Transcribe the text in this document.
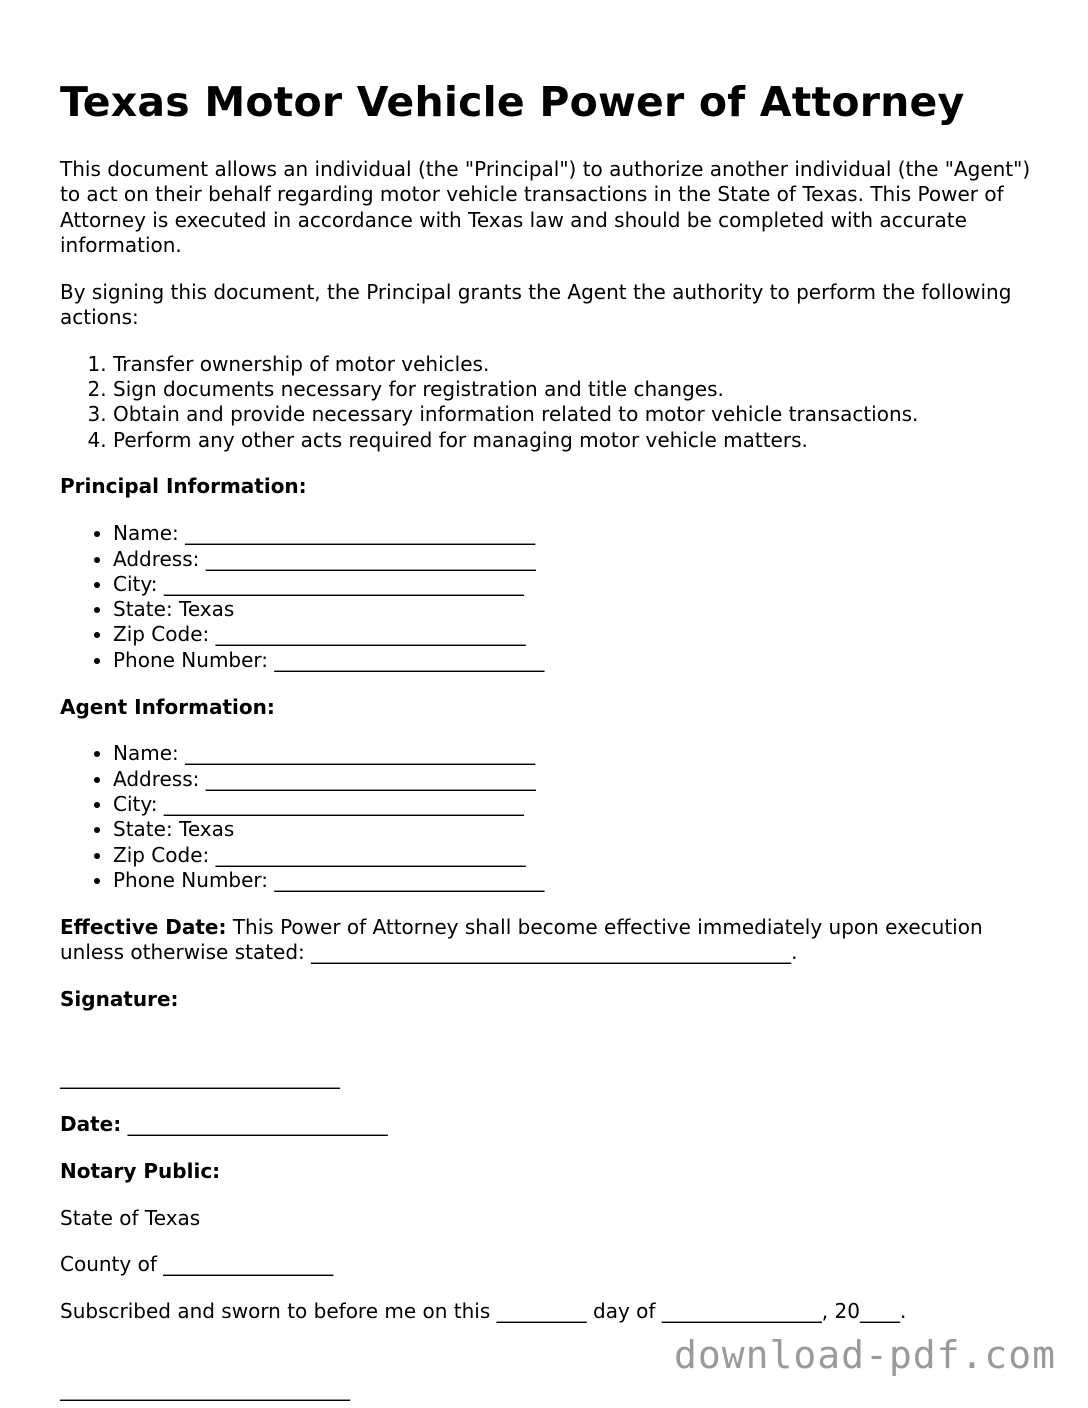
Texas Motor Vehicle Power of Attorney

This document allows an individual (the "Principal") to authorize another individual (the "Agent") to act on their behalf regarding motor vehicle transactions in the State of Texas. This Power of Attorney is executed in accordance with Texas law and should be completed with accurate information.

By signing this document, the Principal grants the Agent the authority to perform the following actions:

1. Transfer ownership of motor vehicles.
2. Sign documents necessary for registration and title changes.
3. Obtain and provide necessary information related to motor vehicle transactions.
4. Perform any other acts required for managing motor vehicle matters.

Principal Information:

• Name: ___________________________________
• Address: _________________________________
• City: ____________________________________
• State: Texas
• Zip Code: _______________________________
• Phone Number: ___________________________

Agent Information:

• Name: ___________________________________
• Address: _________________________________
• City: ____________________________________
• State: Texas
• Zip Code: _______________________________
• Phone Number: ___________________________

Effective Date: This Power of Attorney shall become effective immediately upon execution unless otherwise stated: ________________________________________________.

Signature:

____________________________

Date: __________________________

Notary Public:

State of Texas

County of _________________

Subscribed and sworn to before me on this _________ day of ________________, 20____.

_____________________________

download-pdf.com
